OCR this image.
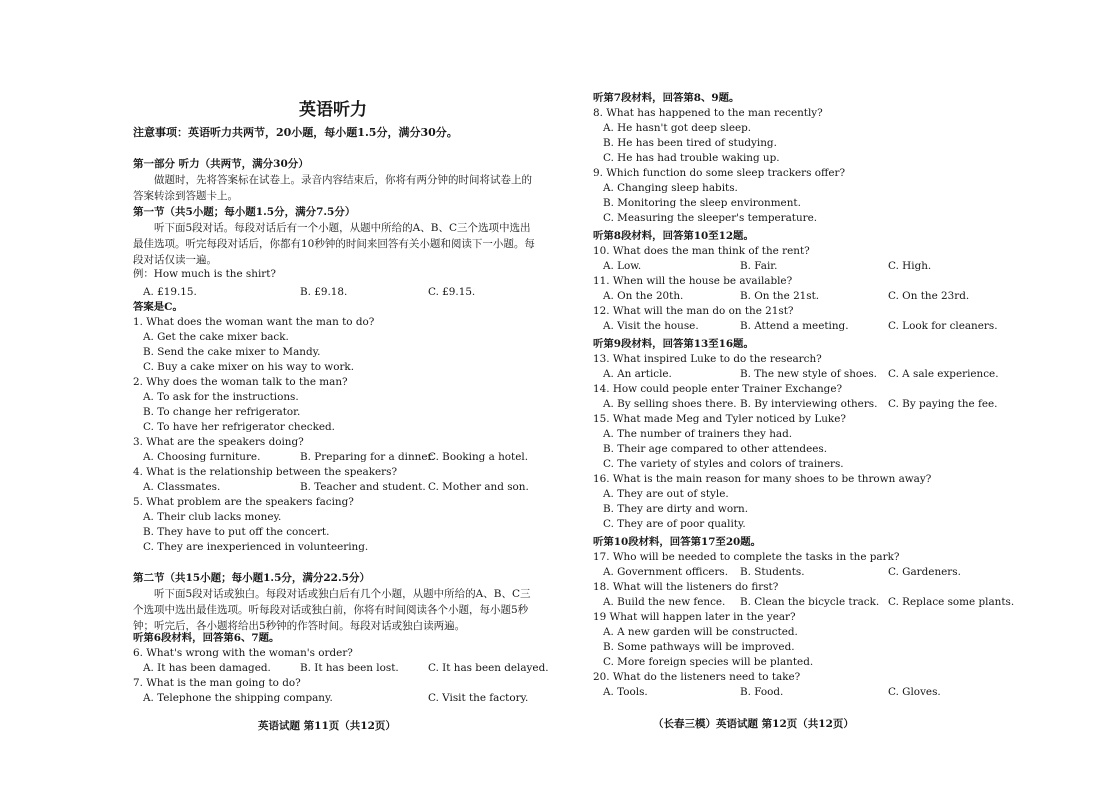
英语听力
注意事项：英语听力共两节，20小题，每小题1.5分，满分30分。

第一部分 听力（共两节，满分30分）

做题时，先将答案标在试卷上。录音内容结束后，你将有两分钟的时间将试卷上的答案转涂到答题卡上。

第一节（共5小题；每小题1.5分，满分7.5分）

听下面5段对话。每段对话后有一个小题，从题中所给的A、B、C三个选项中选出最佳选项。听完每段对话后，你都有10秒钟的时间来回答有关小题和阅读下一小题。每段对话仅读一遍。

例：How much is the shirt?
A. £19.15.	B. £9.18.	C. £9.15.
答案是C。
1. What does the woman want the man to do?
A. Get the cake mixer back.
B. Send the cake mixer to Mandy.
C. Buy a cake mixer on his way to work.
2. Why does the woman talk to the man?
A. To ask for the instructions.
B. To change her refrigerator.
C. To have her refrigerator checked.
3. What are the speakers doing?
A. Choosing furniture.	B. Preparing for a dinner.
C. Booking a hotel.
4. What is the relationship between the speakers?
A. Classmates.	B. Teacher and student. C. Mother and son.
5. What problem are the speakers facing?
A. Their club lacks money.
B. They have to put off the concert.
C. They are inexperienced in volunteering.

第二节（共15小题；每小题1.5分，满分22.5分）

听下面5段对话或独白。每段对话或独白后有几个小题，从题中所给的A、B、C三个选项中选出最佳选项。听每段对话或独白前，你将有时间阅读各个小题，每小题5秒钟；听完后，各小题将给出5秒钟的作答时间。每段对话或独白读两遍。

听第6段材料，回答第6、7题。
6. What's wrong with the woman's order?
A. It has been damaged.	B. It has been lost.	C. It has been delayed.
7. What is the man going to do?
A. Telephone the shipping company.	C. Visit the factory.
英语试题 第11页（共12页）
听第7段材料，回答第8、9题。
8. What has happened to the man recently?
A. He hasn't got deep sleep.
B. He has been tired of studying.
C. He has had trouble waking up.
9. Which function do some sleep trackers offer?
A. Changing sleep habits.
B. Monitoring the sleep environment.
C. Measuring the sleeper's temperature.
听第8段材料，回答第10至12题。
10. What does the man think of the rent?
A. Low.	B. Fair.	C. High.
11. When will the house be available?
A. On the 20th.	B. On the 21st.	C. On the 23rd.
12. What will the man do on the 21st?
A. Visit the house.	B. Attend a meeting.	C. Look for cleaners.
听第9段材料，回答第13至16题。
13. What inspired Luke to do the research?
A. An article.	B. The new style of shoes. C. A sale experience.
14. How could people enter Trainer Exchange?
A. By selling shoes there. B. By interviewing others. C. By paying the fee.
15. What made Meg and Tyler noticed by Luke?
A. The number of trainers they had.
B. Their age compared to other attendees.
C. The variety of styles and colors of trainers.
16. What is the main reason for many shoes to be thrown away?
A. They are out of style.
B. They are dirty and worn.
C. They are of poor quality.
听第10段材料，回答第17至20题。
17. Who will be needed to complete the tasks in the park?
A. Government officers. B. Students.	C. Gardeners.
18. What will the listeners do first?
A. Build the new fence. B. Clean the bicycle track. C. Replace some plants.
19 What will happen later in the year?
A. A new garden will be constructed.
B. Some pathways will be improved.
C. More foreign species will be planted.
20. What do the listeners need to take?
A. Tools.	B. Food.	C. Gloves.
（长春三模）英语试题 第12页（共12页）
